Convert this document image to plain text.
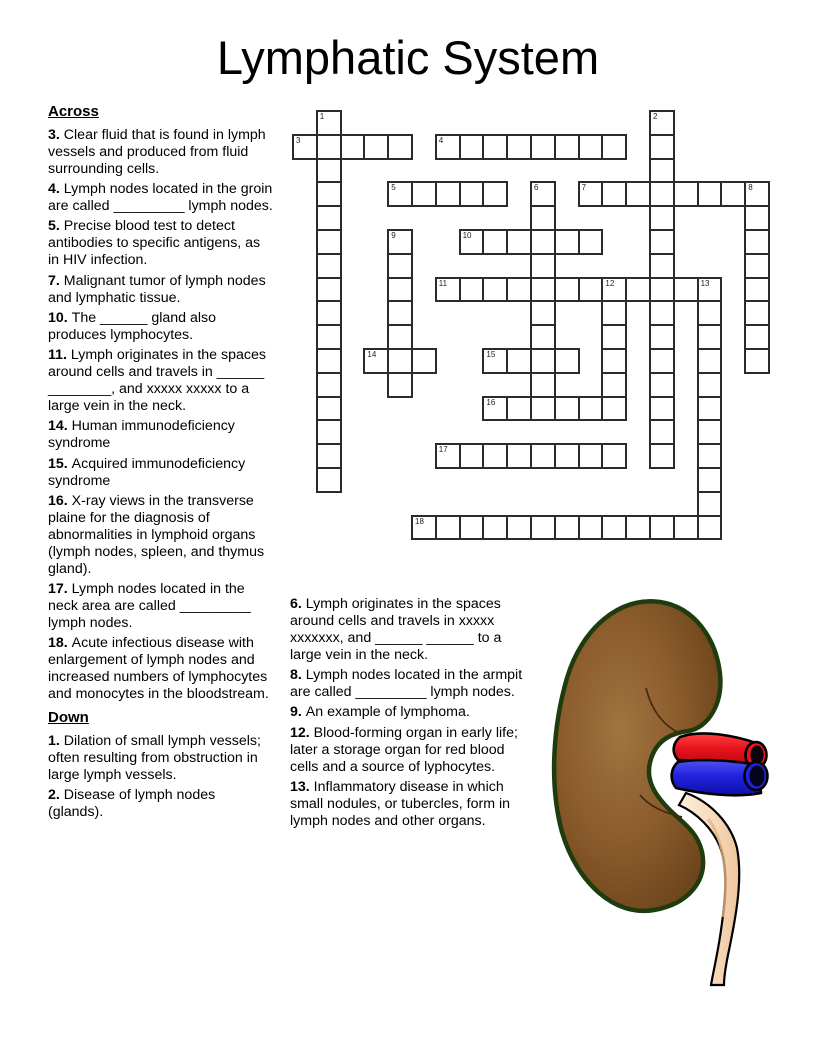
Lymphatic System
Across

3. Clear fluid that is found in lymph vessels and produced from fluid surrounding cells.

4. Lymph nodes located in the groin are called _________ lymph nodes.

5. Precise blood test to detect antibodies to specific antigens, as in HIV infection.

7. Malignant tumor of lymph nodes and lymphatic tissue.

10. The ______ gland also produces lymphocytes.

11. Lymph originates in the spaces around cells and travels in ______ ________, and xxxxx xxxxx to a large vein in the neck.

14. Human immunodeficiency syndrome

15. Acquired immunodeficiency syndrome

16. X-ray views in the transverse plaine for the diagnosis of abnormalities in lymphoid organs (lymph nodes, spleen, and thymus gland).

17. Lymph nodes located in the neck area are called _________ lymph nodes.

18. Acute infectious disease with enlargement of lymph nodes and increased numbers of lymphocytes and monocytes in the bloodstream.

Down

1. Dilation of small lymph vessels; often resulting from obstruction in large lymph vessels.

2. Disease of lymph nodes (glands).

6. Lymph originates in the spaces around cells and travels in xxxxx xxxxxxx, and ______ ______ to a large vein in the neck.

8. Lymph nodes located in the armpit are called _________ lymph nodes.

9. An example of lymphoma.

12. Blood-forming organ in early life; later a storage organ for red blood cells and a source of lyphocytes.

13. Inflammatory disease in which small nodules, or tubercles, form in lymph nodes and other organs.

1	2
3	4
5	6	7	8
9	10
11	12	13
14	15
16
17
18
